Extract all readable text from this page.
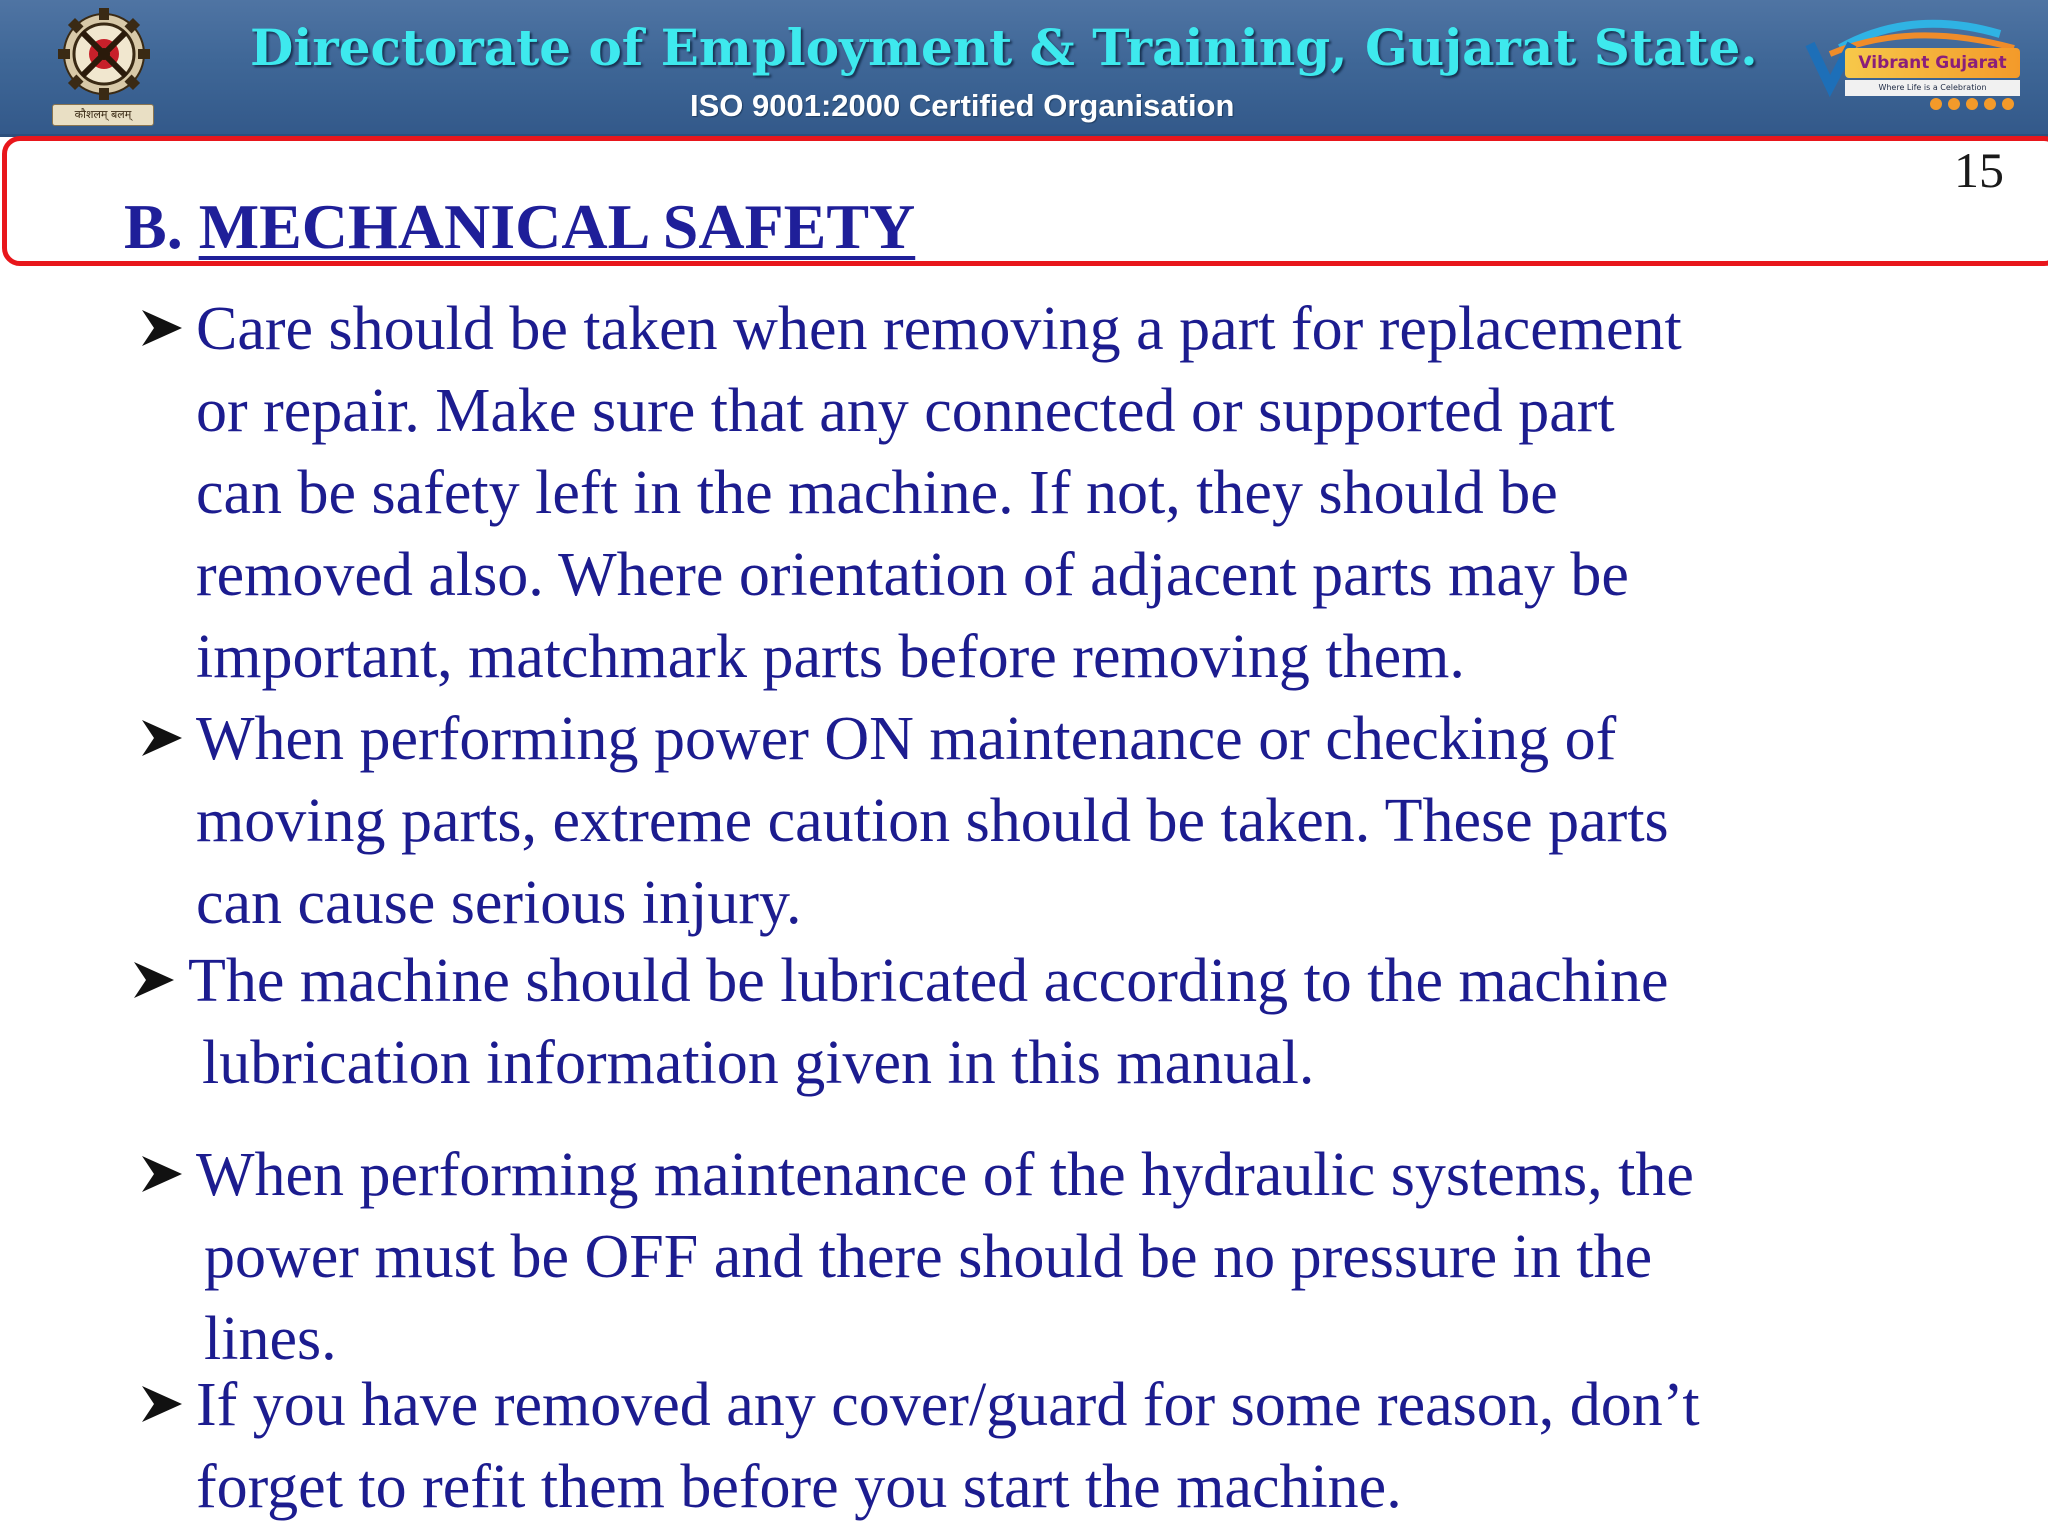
कौशलम् बलम्
Directorate of Employment & Training, Gujarat State.
ISO 9001:2000 Certified Organisation
Vibrant Gujarat
Where Life is a Celebration
15
B. MECHANICAL SAFETY
Care should be taken when removing a part for replacement
or repair. Make sure that any connected or supported part
can be safety left in the machine. If not, they should be
removed also. Where orientation of adjacent parts may be
important, matchmark parts before removing them.
When performing power ON maintenance or checking of
moving parts, extreme caution should be taken. These parts
can cause serious injury.
The machine should be lubricated according to the machine
lubrication information given in this manual.
When performing maintenance of the hydraulic systems, the
power must be OFF and there should be no pressure in the
lines.
If you have removed any cover/guard for some reason, don’t
forget to refit them before you start the machine.
